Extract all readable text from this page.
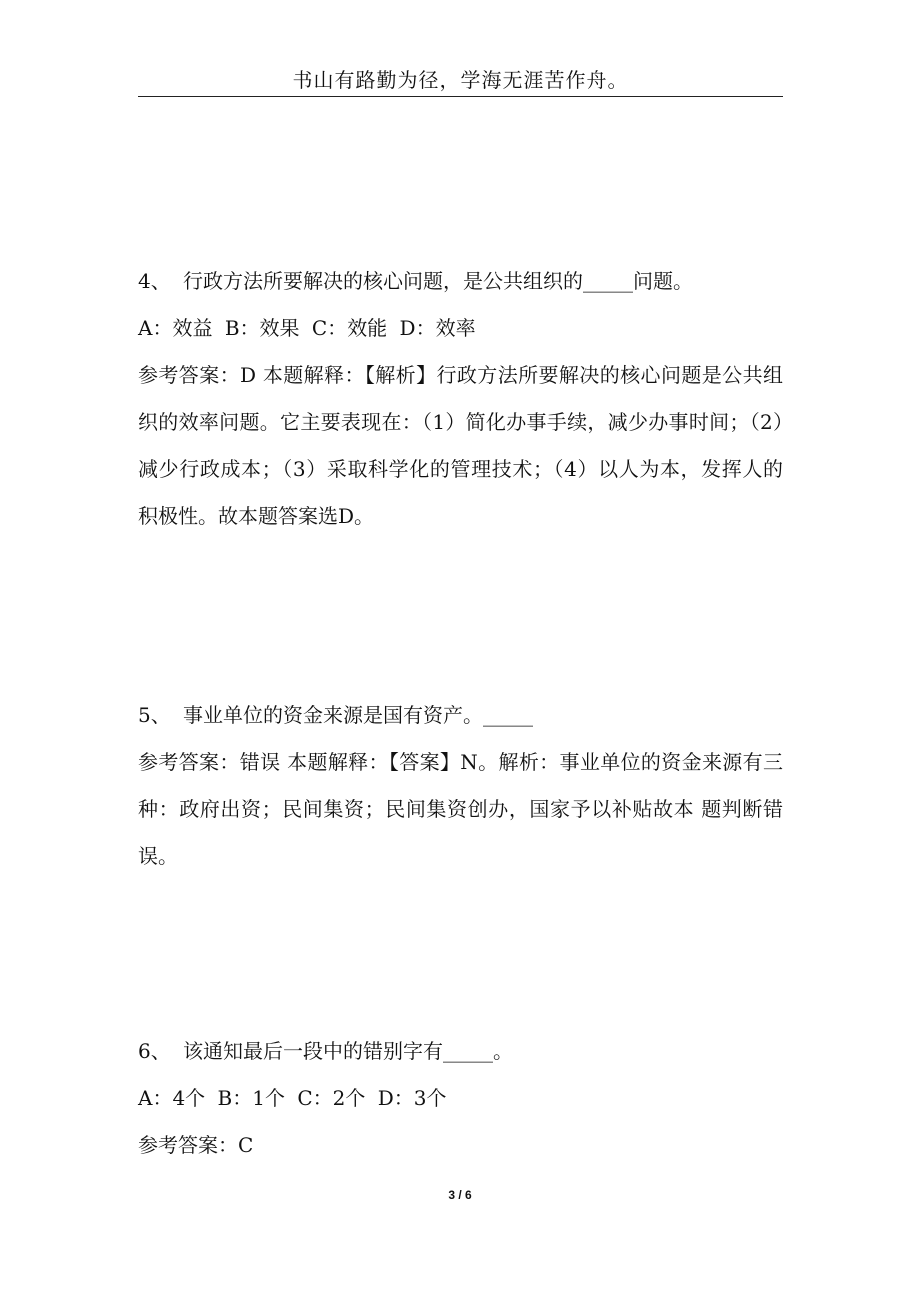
书山有路勤为径，学海无涯苦作舟。

4、 行政方法所要解决的核心问题，是公共组织的_____问题。

A：效益 B：效果 C：效能 D：效率

参考答案：D 本题解释：【解析】行政方法所要解决的核心问题是公共组织的效率问题。它主要表现在：（1）简化办事手续，减少办事时间；（2）减少行政成本；（3）采取科学化的管理技术；（4）以人为本，发挥人的积极性。故本题答案选D。

5、 事业单位的资金来源是国有资产。_____

参考答案：错误 本题解释：【答案】N。解析：事业单位的资金来源有三种：政府出资；民间集资；民间集资创办，国家予以补贴故本 题判断错误。

6、 该通知最后一段中的错别字有_____。

A：4个 B：1个 C：2个 D：3个

参考答案：C

3 / 6
